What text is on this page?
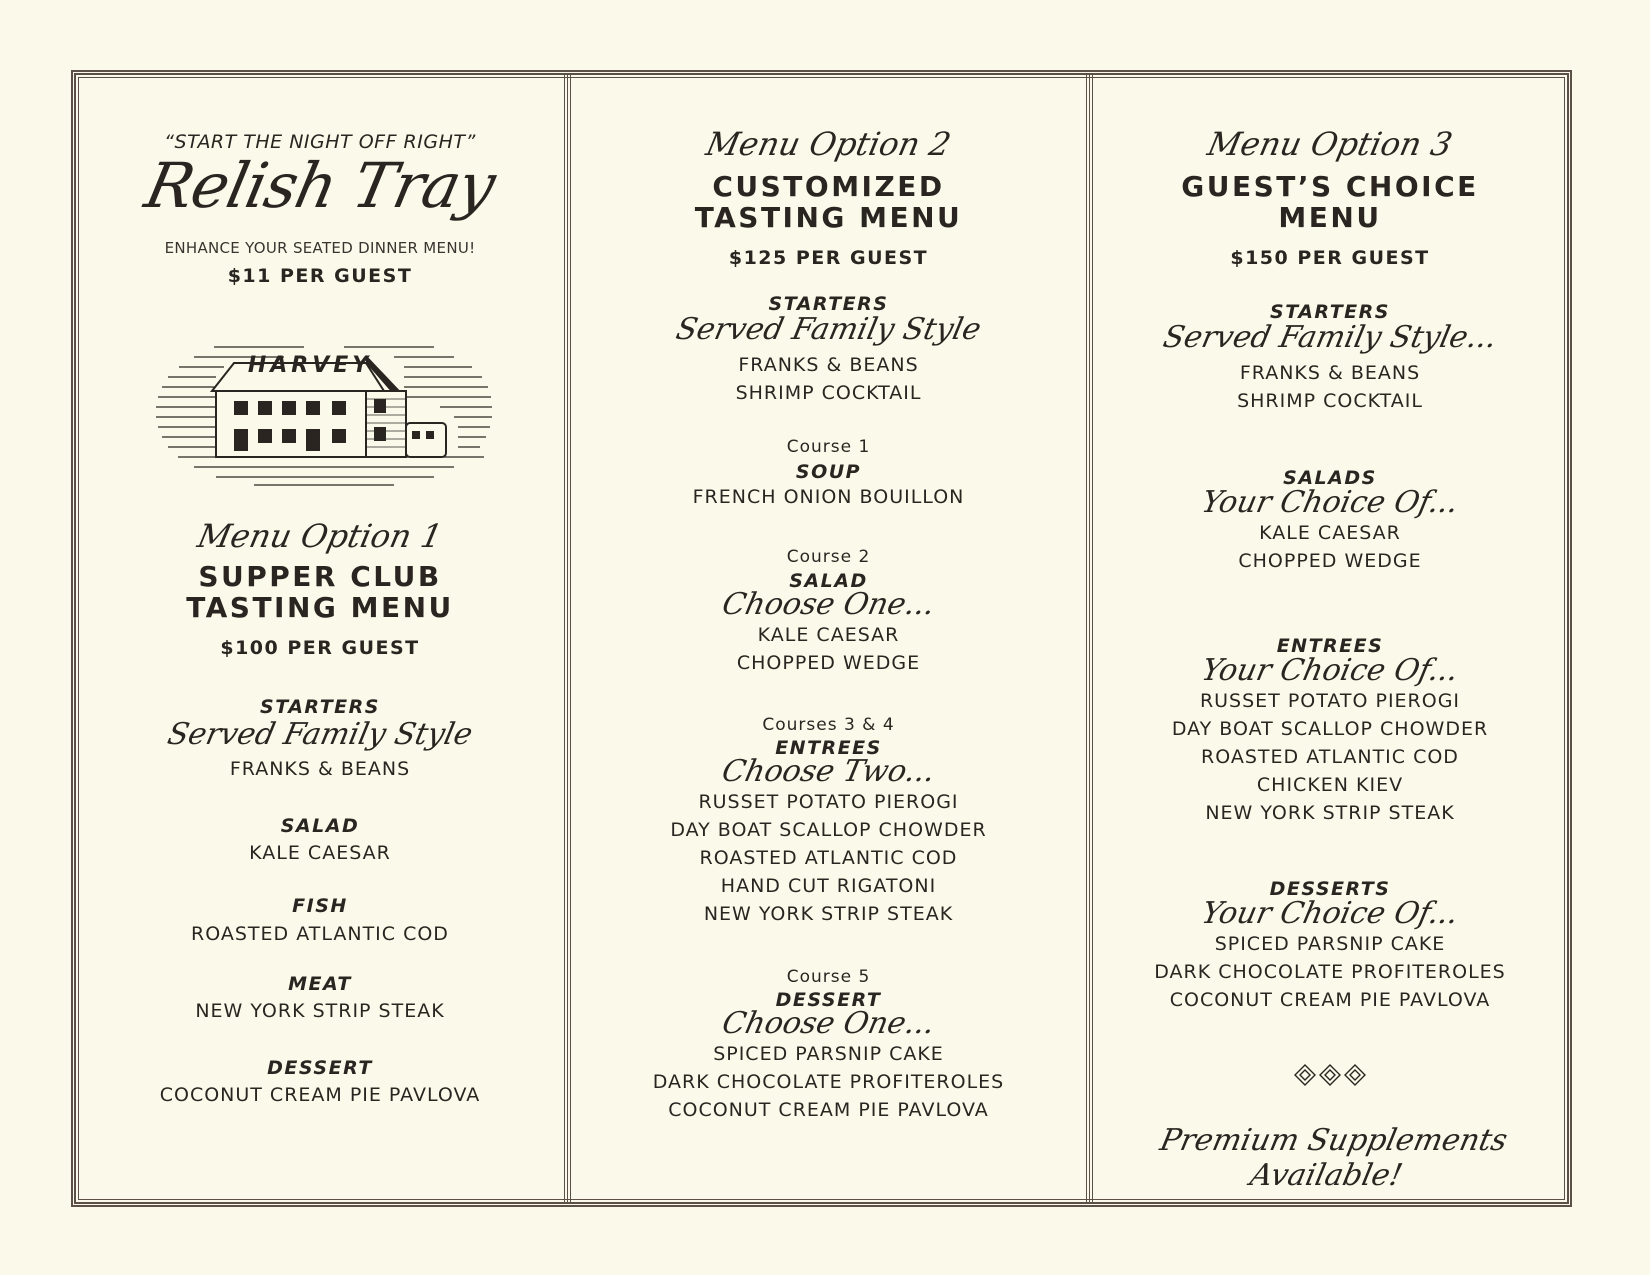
“START THE NIGHT OFF RIGHT”

Relish Tray

ENHANCE YOUR SEATED DINNER MENU!

$11 PER GUEST

HARVEY

Menu Option 1

SUPPER CLUB

TASTING MENU

$100 PER GUEST

STARTERS

Served Family Style

FRANKS & BEANS

SALAD

KALE CAESAR

FISH

ROASTED ATLANTIC COD

MEAT

NEW YORK STRIP STEAK

DESSERT

COCONUT CREAM PIE PAVLOVA

Menu Option 2

CUSTOMIZED

TASTING MENU

$125 PER GUEST

STARTERS

Served Family Style

FRANKS & BEANS

SHRIMP COCKTAIL

Course 1

SOUP

FRENCH ONION BOUILLON

Course 2

SALAD

Choose One...

KALE CAESAR

CHOPPED WEDGE

Courses 3 & 4

ENTREES

Choose Two...

RUSSET POTATO PIEROGI

DAY BOAT SCALLOP CHOWDER

ROASTED ATLANTIC COD

HAND CUT RIGATONI

NEW YORK STRIP STEAK

Course 5

DESSERT

Choose One...

SPICED PARSNIP CAKE

DARK CHOCOLATE PROFITEROLES

COCONUT CREAM PIE PAVLOVA

Menu Option 3

GUEST’S CHOICE

MENU

$150 PER GUEST

STARTERS

Served Family Style...

FRANKS & BEANS

SHRIMP COCKTAIL

SALADS

Your Choice Of...

KALE CAESAR

CHOPPED WEDGE

ENTREES

Your Choice Of...

RUSSET POTATO PIEROGI

DAY BOAT SCALLOP CHOWDER

ROASTED ATLANTIC COD

CHICKEN KIEV

NEW YORK STRIP STEAK

DESSERTS

Your Choice Of...

SPICED PARSNIP CAKE

DARK CHOCOLATE PROFITEROLES

COCONUT CREAM PIE PAVLOVA

Premium Supplements Available!
